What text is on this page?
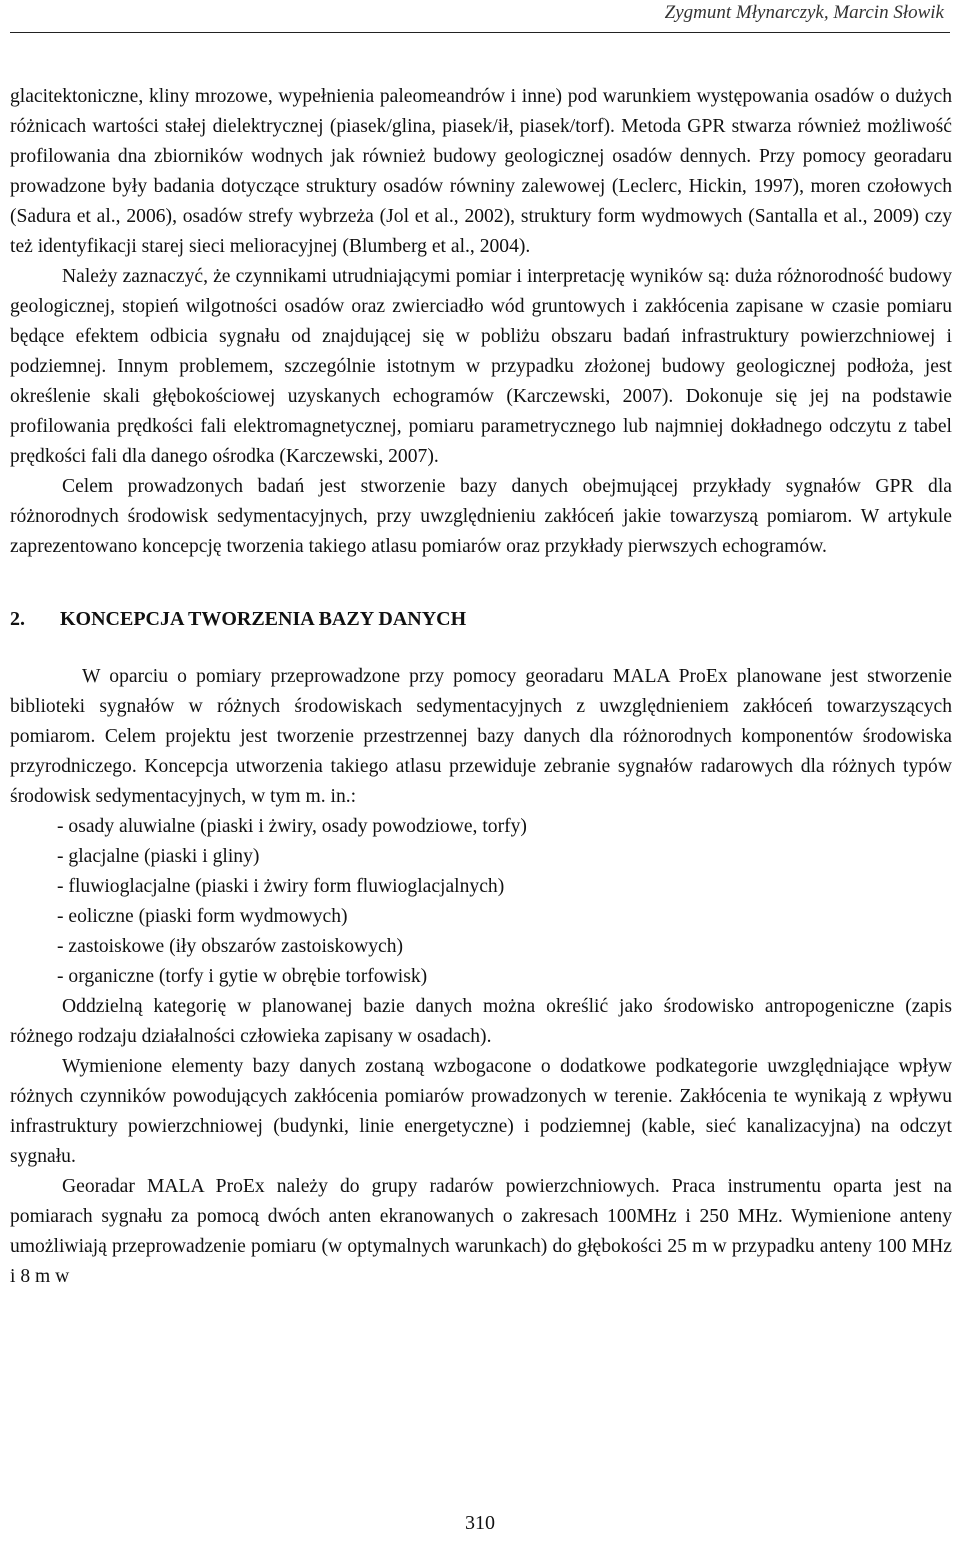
Zygmunt Młynarczyk, Marcin Słowik

glacitektoniczne, kliny mrozowe, wypełnienia paleomeandrów i inne) pod warunkiem występowania osadów o dużych różnicach wartości stałej dielektrycznej (piasek/glina, piasek/ił, piasek/torf). Metoda GPR stwarza również możliwość profilowania dna zbiorników wodnych jak również budowy geologicznej osadów dennych. Przy pomocy georadaru prowadzone były badania dotyczące struktury osadów równiny zalewowej (Leclerc, Hickin, 1997), moren czołowych (Sadura et al., 2006), osadów strefy wybrzeża (Jol et al., 2002), struktury form wydmowych (Santalla et al., 2009) czy też identyfikacji starej sieci melioracyjnej (Blumberg et al., 2004).

Należy zaznaczyć, że czynnikami utrudniającymi pomiar i interpretację wyników są: duża różnorodność budowy geologicznej, stopień wilgotności osadów oraz zwierciadło wód gruntowych i zakłócenia zapisane w czasie pomiaru będące efektem odbicia sygnału od znajdującej się w pobliżu obszaru badań infrastruktury powierzchniowej i podziemnej. Innym problemem, szczególnie istotnym w przypadku złożonej budowy geologicznej podłoża, jest określenie skali głębokościowej uzyskanych echogramów (Karczewski, 2007). Dokonuje się jej na podstawie profilowania prędkości fali elektromagnetycznej, pomiaru parametrycznego lub najmniej dokładnego odczytu z tabel prędkości fali dla danego ośrodka (Karczewski, 2007).

Celem prowadzonych badań jest stworzenie bazy danych obejmującej przykłady sygnałów GPR dla różnorodnych środowisk sedymentacyjnych, przy uwzględnieniu zakłóceń jakie towarzyszą pomiarom. W artykule zaprezentowano koncepcję tworzenia takiego atlasu pomiarów oraz przykłady pierwszych echogramów.

2. KONCEPCJA TWORZENIA BAZY DANYCH

W oparciu o pomiary przeprowadzone przy pomocy georadaru MALA ProEx planowane jest stworzenie biblioteki sygnałów w różnych środowiskach sedymentacyjnych z uwzględnieniem zakłóceń towarzyszących pomiarom. Celem projektu jest tworzenie przestrzennej bazy danych dla różnorodnych komponentów środowiska przyrodniczego. Koncepcja utworzenia takiego atlasu przewiduje zebranie sygnałów radarowych dla różnych typów środowisk sedymentacyjnych, w tym m. in.:

- osady aluwialne (piaski i żwiry, osady powodziowe, torfy)
- glacjalne (piaski i gliny)
- fluwioglacjalne (piaski i żwiry form fluwioglacjalnych)
- eoliczne (piaski form wydmowych)
- zastoiskowe (iły obszarów zastoiskowych)
- organiczne (torfy i gytie w obrębie torfowisk)

Oddzielną kategorię w planowanej bazie danych można określić jako środowisko antropogeniczne (zapis różnego rodzaju działalności człowieka zapisany w osadach).

Wymienione elementy bazy danych zostaną wzbogacone o dodatkowe podkategorie uwzględniające wpływ różnych czynników powodujących zakłócenia pomiarów prowadzonych w terenie. Zakłócenia te wynikają z wpływu infrastruktury powierzchniowej (budynki, linie energetyczne) i podziemnej (kable, sieć kanalizacyjna) na odczyt sygnału.

Georadar MALA ProEx należy do grupy radarów powierzchniowych. Praca instrumentu oparta jest na pomiarach sygnału za pomocą dwóch anten ekranowanych o zakresach 100MHz i 250 MHz. Wymienione anteny umożliwiają przeprowadzenie pomiaru (w optymalnych warunkach) do głębokości 25 m w przypadku anteny 100 MHz i 8 m w

310
